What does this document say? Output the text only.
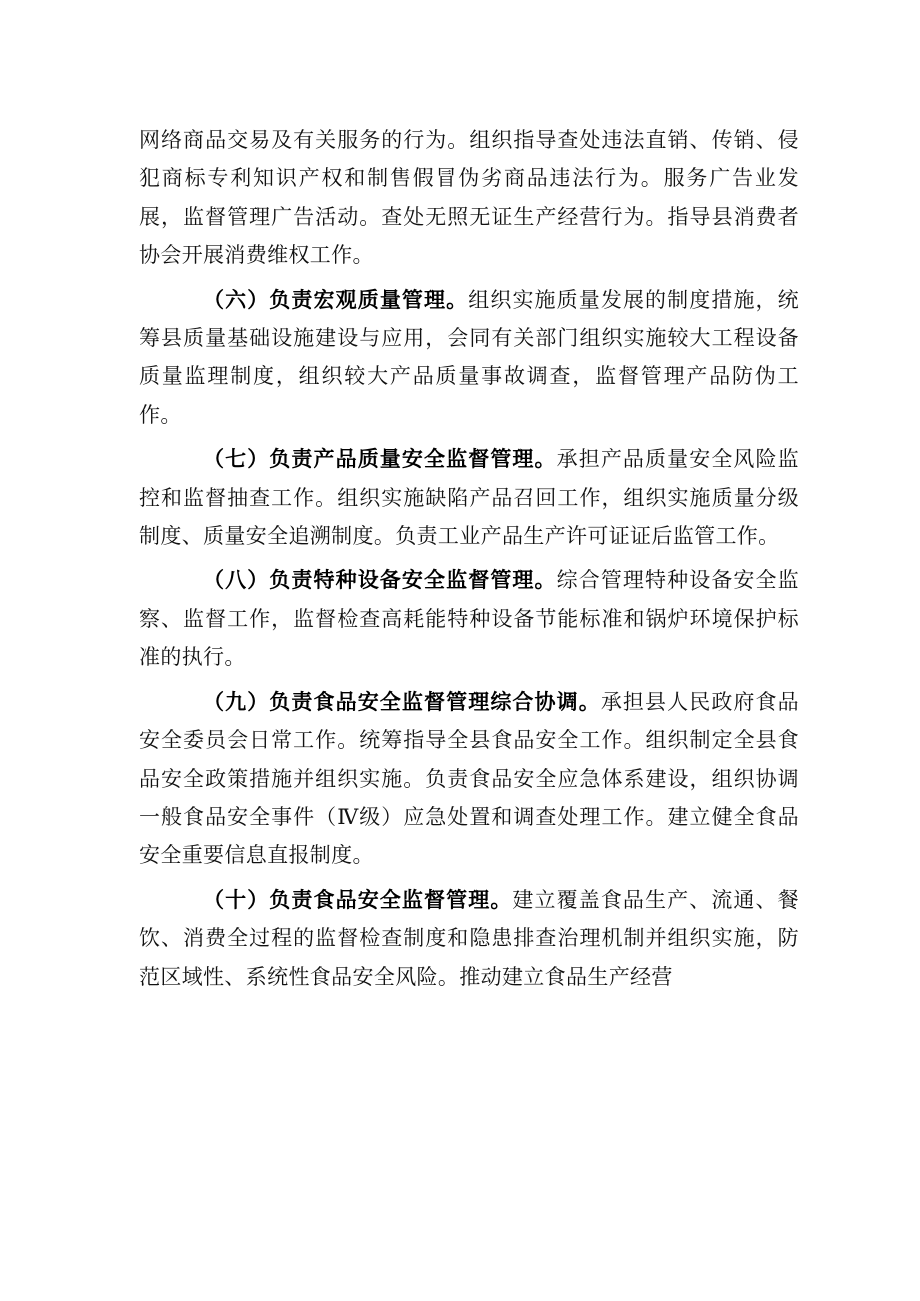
网络商品交易及有关服务的行为。组织指导查处违法直销、传销、侵犯商标专利知识产权和制售假冒伪劣商品违法行为。服务广告业发展，监督管理广告活动。查处无照无证生产经营行为。指导县消费者协会开展消费维权工作。

（六）负责宏观质量管理。组织实施质量发展的制度措施，统筹县质量基础设施建设与应用，会同有关部门组织实施较大工程设备质量监理制度，组织较大产品质量事故调查，监督管理产品防伪工作。

（七）负责产品质量安全监督管理。承担产品质量安全风险监控和监督抽查工作。组织实施缺陷产品召回工作，组织实施质量分级制度、质量安全追溯制度。负责工业产品生产许可证证后监管工作。

（八）负责特种设备安全监督管理。综合管理特种设备安全监察、监督工作，监督检查高耗能特种设备节能标准和锅炉环境保护标准的执行。

（九）负责食品安全监督管理综合协调。承担县人民政府食品安全委员会日常工作。统筹指导全县食品安全工作。组织制定全县食品安全政策措施并组织实施。负责食品安全应急体系建设，组织协调一般食品安全事件（Ⅳ级）应急处置和调查处理工作。建立健全食品安全重要信息直报制度。

（十）负责食品安全监督管理。建立覆盖食品生产、流通、餐饮、消费全过程的监督检查制度和隐患排查治理机制并组织实施，防范区域性、系统性食品安全风险。推动建立食品生产经营
